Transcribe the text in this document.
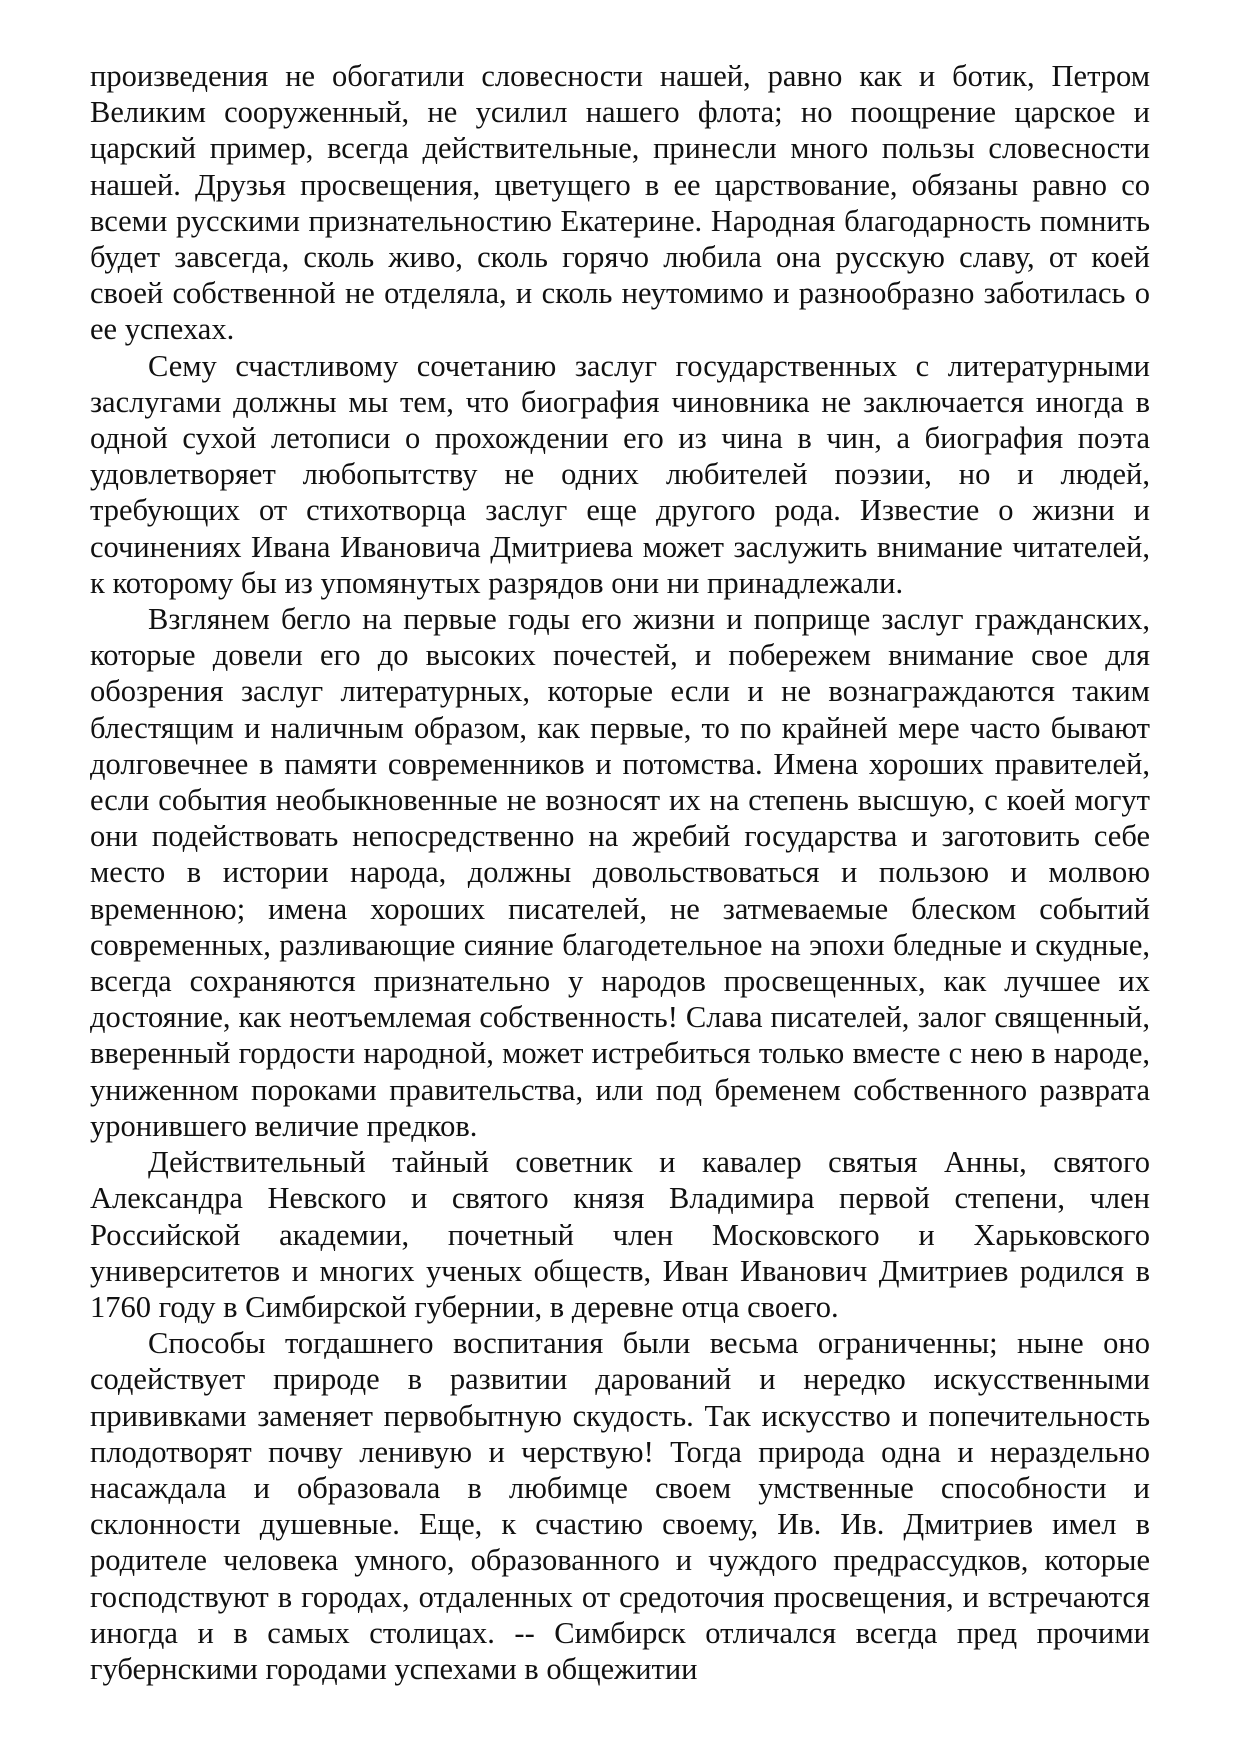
произведения не обогатили словесности нашей, равно как и ботик, Петром Великим сооруженный, не усилил нашего флота; но поощрение царское и царский пример, всегда действительные, принесли много пользы словесности нашей. Друзья просвещения, цветущего в ее царствование, обязаны равно со всеми русскими признательностию Екатерине. Народная благодарность помнить будет завсегда, сколь живо, сколь горячо любила она русскую славу, от коей своей собственной не отделяла, и сколь неутомимо и разнообразно заботилась о ее успехах.

Сему счастливому сочетанию заслуг государственных с литературными заслугами должны мы тем, что биография чиновника не заключается иногда в одной сухой летописи о прохождении его из чина в чин, а биография поэта удовлетворяет любопытству не одних любителей поэзии, но и людей, требующих от стихотворца заслуг еще другого рода. Известие о жизни и сочинениях Ивана Ивановича Дмитриева может заслужить внимание читателей, к которому бы из упомянутых разрядов они ни принадлежали.

Взглянем бегло на первые годы его жизни и поприще заслуг гражданских, которые довели его до высоких почестей, и побережем внимание свое для обозрения заслуг литературных, которые если и не вознаграждаются таким блестящим и наличным образом, как первые, то по крайней мере часто бывают долговечнее в памяти современников и потомства. Имена хороших правителей, если события необыкновенные не возносят их на степень высшую, с коей могут они подействовать непосредственно на жребий государства и заготовить себе место в истории народа, должны довольствоваться и пользою и молвою временною; имена хороших писателей, не затмеваемые блеском событий современных, разливающие сияние благодетельное на эпохи бледные и скудные, всегда сохраняются признательно у народов просвещенных, как лучшее их достояние, как неотъемлемая собственность! Слава писателей, залог священный, вверенный гордости народной, может истребиться только вместе с нею в народе, униженном пороками правительства, или под бременем собственного разврата уронившего величие предков.

Действительный тайный советник и кавалер святыя Анны, святого Александра Невского и святого князя Владимира первой степени, член Российской академии, почетный член Московского и Харьковского университетов и многих ученых обществ, Иван Иванович Дмитриев родился в 1760 году в Симбирской губернии, в деревне отца своего.

Способы тогдашнего воспитания были весьма ограниченны; ныне оно содействует природе в развитии дарований и нередко искусственными прививками заменяет первобытную скудость. Так искусство и попечительность плодотворят почву ленивую и черствую! Тогда природа одна и нераздельно насаждала и образовала в любимце своем умственные способности и склонности душевные. Еще, к счастию своему, Ив. Ив. Дмитриев имел в родителе человека умного, образованного и чуждого предрассудков, которые господствуют в городах, отдаленных от средоточия просвещения, и встречаются иногда и в самых столицах. -- Симбирск отличался всегда пред прочими губернскими городами успехами в общежитии
